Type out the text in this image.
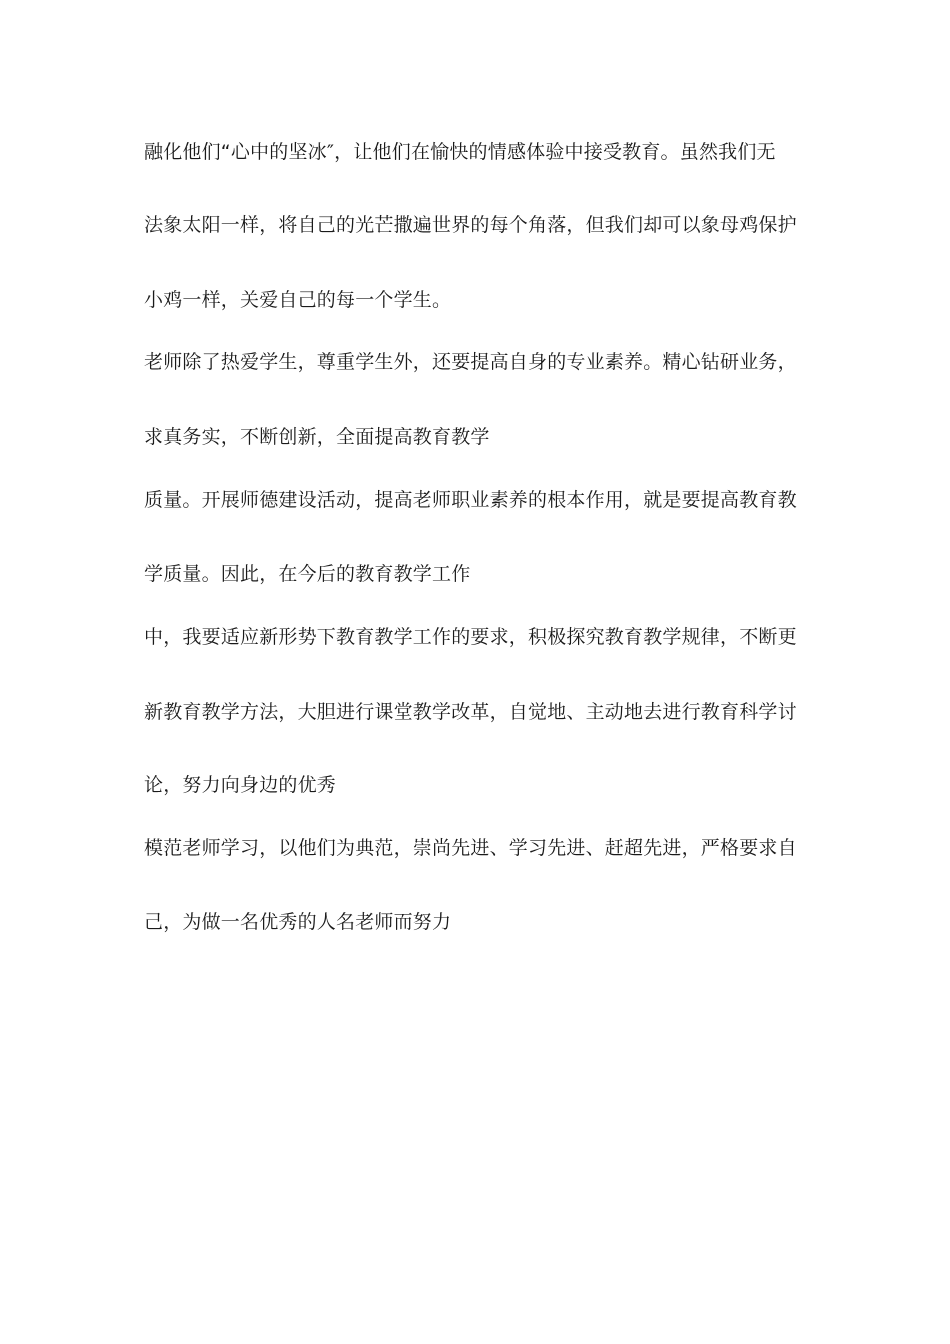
融化他们“心中的坚冰″，让他们在愉快的情感体验中接受教育。虽然我们无
法象太阳一样，将自己的光芒撒遍世界的每个角落，但我们却可以象母鸡保护
小鸡一样，关爱自己的每一个学生。
老师除了热爱学生，尊重学生外，还要提高自身的专业素养。精心钻研业务，
求真务实，不断创新，全面提高教育教学
质量。开展师德建设活动，提高老师职业素养的根本作用，就是要提高教育教
学质量。因此，在今后的教育教学工作
中，我要适应新形势下教育教学工作的要求，积极探究教育教学规律，不断更
新教育教学方法，大胆进行课堂教学改革，自觉地、主动地去进行教育科学讨
论，努力向身边的优秀
模范老师学习，以他们为典范，崇尚先进、学习先进、赶超先进，严格要求自
己，为做一名优秀的人名老师而努力
